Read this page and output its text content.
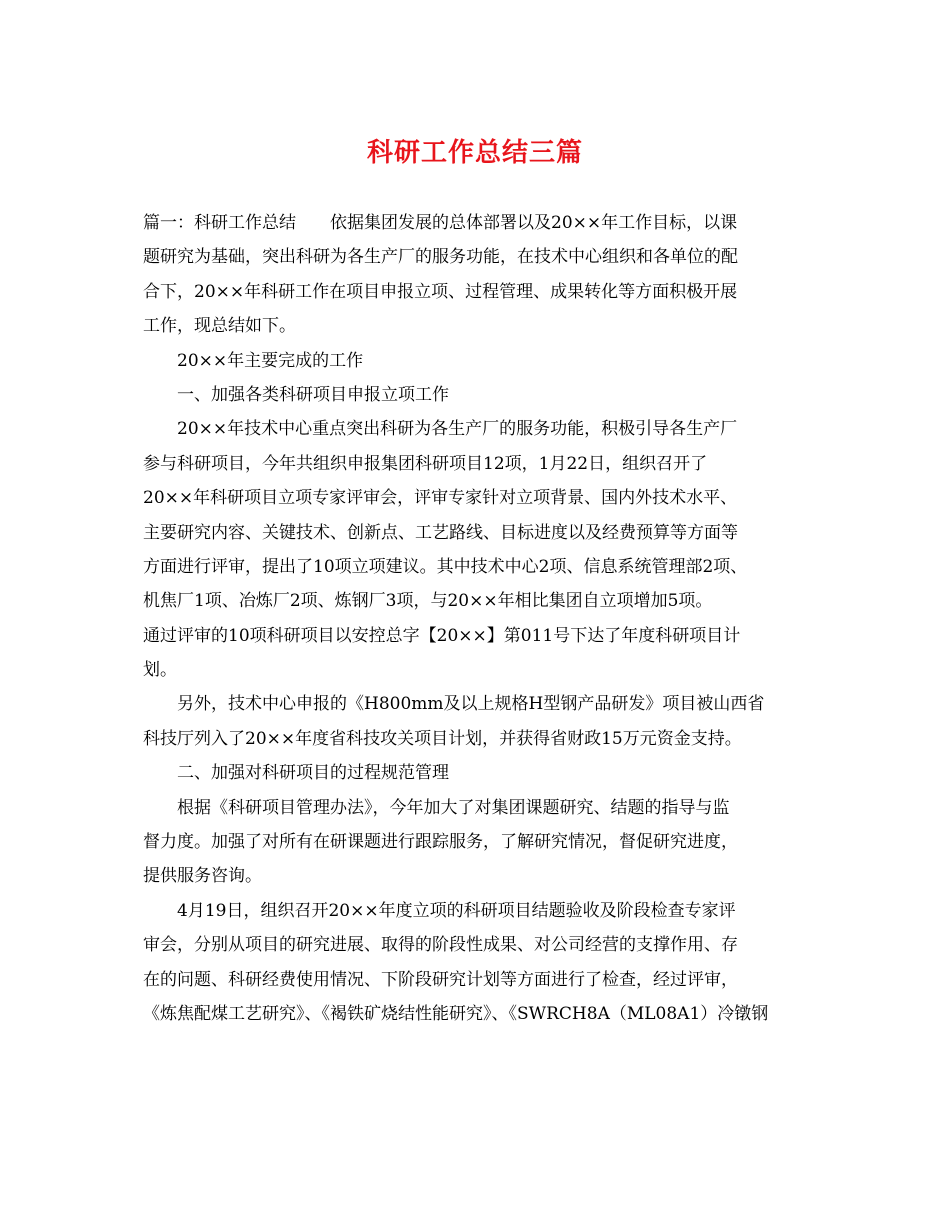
科研工作总结三篇
篇一：科研工作总结　　依据集团发展的总体部署以及20××年工作目标，以课
题研究为基础，突出科研为各生产厂的服务功能，在技术中心组织和各单位的配
合下，20××年科研工作在项目申报立项、过程管理、成果转化等方面积极开展
工作，现总结如下。
　　20××年主要完成的工作
　　一、加强各类科研项目申报立项工作
　　20××年技术中心重点突出科研为各生产厂的服务功能，积极引导各生产厂
参与科研项目，今年共组织申报集团科研项目12项，1月22日，组织召开了
20××年科研项目立项专家评审会，评审专家针对立项背景、国内外技术水平、
主要研究内容、关键技术、创新点、工艺路线、目标进度以及经费预算等方面等
方面进行评审，提出了10项立项建议。其中技术中心2项、信息系统管理部2项、
机焦厂1项、冶炼厂2项、炼钢厂3项，与20××年相比集团自立项增加5项。
通过评审的10项科研项目以安控总字【20××】第011号下达了年度科研项目计
划。
　　另外，技术中心申报的《H800mm及以上规格H型钢产品研发》项目被山西省
科技厅列入了20××年度省科技攻关项目计划，并获得省财政15万元资金支持。
　　二、加强对科研项目的过程规范管理
　　根据《科研项目管理办法》，今年加大了对集团课题研究、结题的指导与监
督力度。加强了对所有在研课题进行跟踪服务，了解研究情况，督促研究进度，
提供服务咨询。
　　4月19日，组织召开20××年度立项的科研项目结题验收及阶段检查专家评
审会，分别从项目的研究进展、取得的阶段性成果、对公司经营的支撑作用、存
在的问题、科研经费使用情况、下阶段研究计划等方面进行了检查，经过评审，
《炼焦配煤工艺研究》、《褐铁矿烧结性能研究》、《SWRCH8A（ML08A1）冷镦钢
